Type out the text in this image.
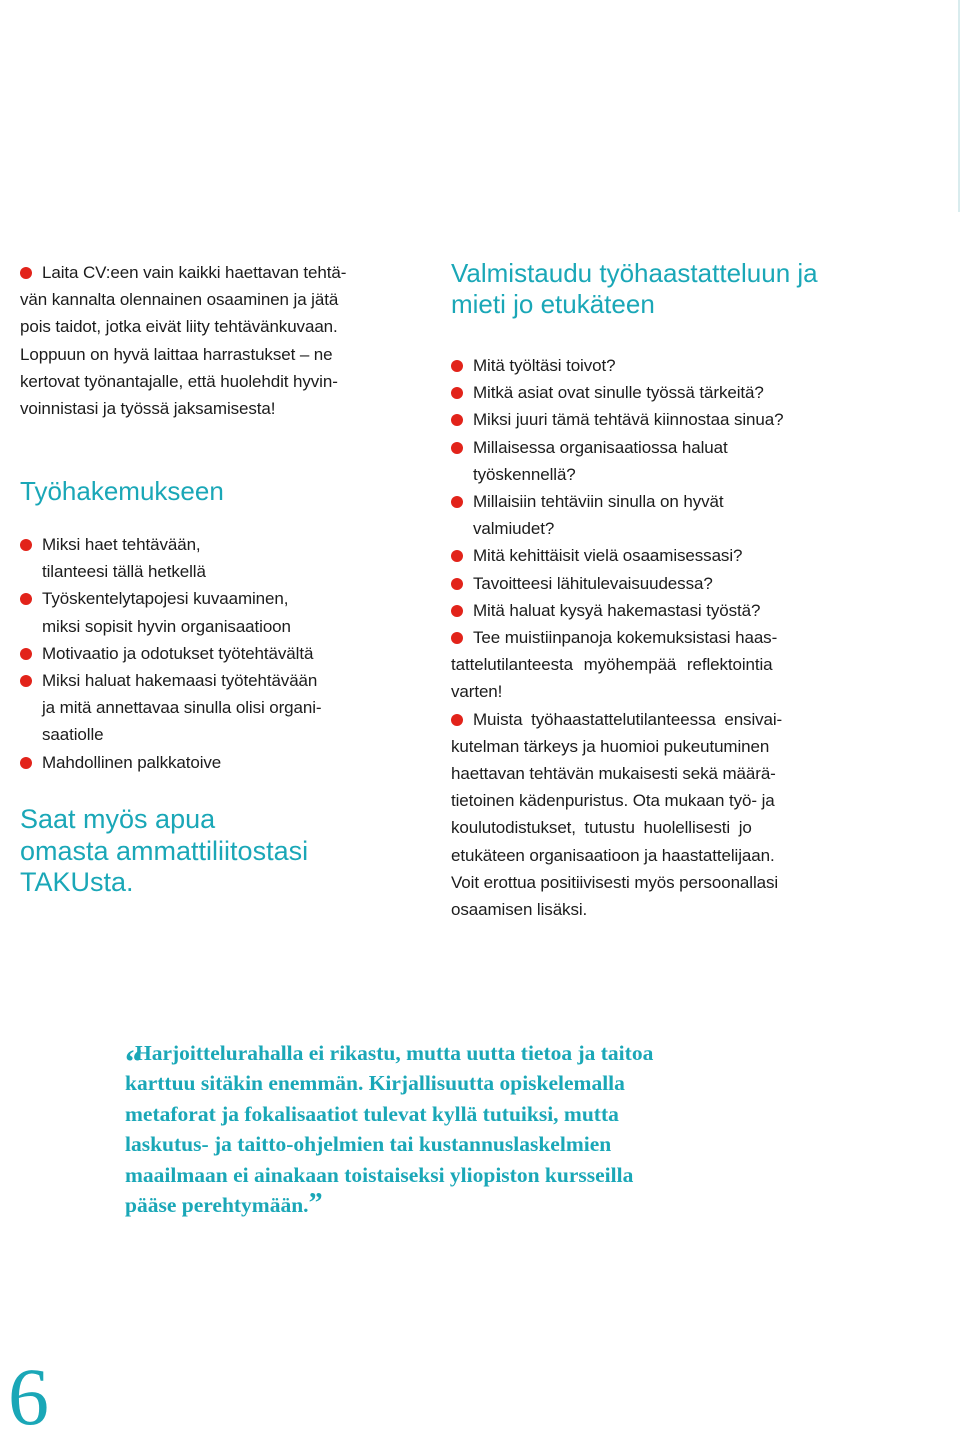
Laita CV:een vain kaikki haettavan tehtä-
vän kannalta olennainen osaaminen ja jätä
pois taidot, jotka eivät liity tehtävänkuvaan.
Loppuun on hyvä laittaa harrastukset – ne
kertovat työnantajalle, että huolehdit hyvin-
voinnistasi ja työssä jaksamisesta!
Työhakemukseen
Miksi haet tehtävään,
tilanteesi tällä hetkellä
Työskentelytapojesi kuvaaminen,
miksi sopisit hyvin organisaatioon
Motivaatio ja odotukset työtehtävältä
Miksi haluat hakemaasi työtehtävään
ja mitä annettavaa sinulla olisi organi-
saatiolle
Mahdollinen palkkatoive
Saat myös apua
omasta ammattiliitostasi
TAKUsta.
Valmistaudu työhaastatteluun ja
mieti jo etukäteen
Mitä työltäsi toivot?
Mitkä asiat ovat sinulle työssä tärkeitä?
Miksi juuri tämä tehtävä kiinnostaa sinua?
Millaisessa organisaatiossa haluat
työskennellä?
Millaisiin tehtäviin sinulla on hyvät
valmiudet?
Mitä kehittäisit vielä osaamisessasi?
Tavoitteesi lähitulevaisuudessa?
Mitä haluat kysyä hakemastasi työstä?
Tee muistiinpanoja kokemuksistasi haas-
tattelutilanteesta myöhempää reflektointia
varten!
Muista työhaastattelutilanteessa ensivai-
kutelman tärkeys ja huomioi pukeutuminen
haettavan tehtävän mukaisesti sekä määrä-
tietoinen kädenpuristus. Ota mukaan työ- ja
koulutodistukset, tutustu huolellisesti jo
etukäteen organisaatioon ja haastattelijaan.
Voit erottua positiivisesti myös persoonallasi
osaamisen lisäksi.
“
Harjoittelurahalla ei rikastu, mutta uutta tietoa ja taitoa
karttuu sitäkin enemmän. Kirjallisuutta opiskelemalla
metaforat ja fokalisaatiot tulevat kyllä tutuiksi, mutta
laskutus- ja taitto-ohjelmien tai kustannuslaskelmien
maailmaan ei ainakaan toistaiseksi yliopiston kursseilla
pääse perehtymään.”
6
